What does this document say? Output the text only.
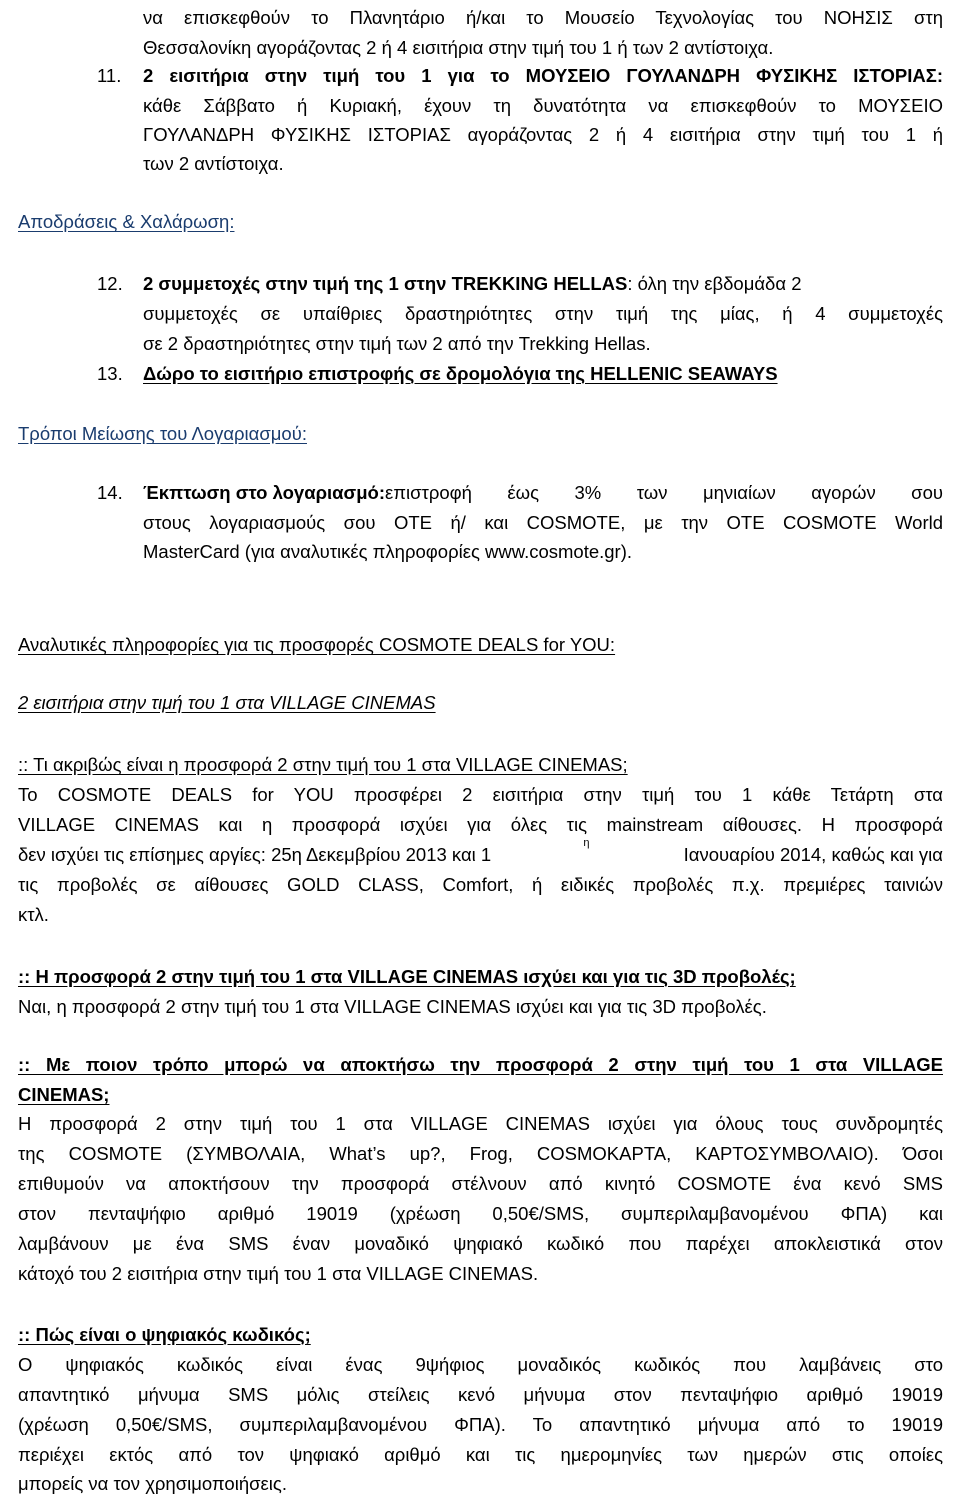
να επισκεφθούν το Πλανητάριο ή/και το Μουσείο Τεχνολογίας του ΝΟΗΣΙΣ στη
Θεσσαλονίκη αγοράζοντας 2 ή 4 εισιτήρια στην τιμή του 1 ή των 2 αντίστοιχα.
11. 2 εισιτήρια στην τιμή του 1 για το ΜΟΥΣΕΙΟ ΓΟΥΛΑΝΔΡΗ ΦΥΣΙΚΗΣ ΙΣΤΟΡΙΑΣ:
κάθε Σάββατο ή Κυριακή, έχουν τη δυνατότητα να επισκεφθούν το ΜΟΥΣΕΙΟ
ΓΟΥΛΑΝΔΡΗ ΦΥΣΙΚΗΣ ΙΣΤΟΡΙΑΣ αγοράζοντας 2 ή 4 εισιτήρια στην τιμή του 1 ή
των 2 αντίστοιχα.
Αποδράσεις & Χαλάρωση:
12. 2 συμμετοχές στην τιμή της 1 στην TREKKING HELLAS: όλη την εβδομάδα 2
συμμετοχές σε υπαίθριες δραστηριότητες στην τιμή της μίας, ή 4 συμμετοχές
σε 2 δραστηριότητες στην τιμή των 2 από την Trekking Hellas.
13. Δώρο το εισιτήριο επιστροφής σε δρομολόγια της HELLENIC SEAWAYS
Τρόποι Μείωσης του Λογαριασμού:
14. Έκπτωση στο λογαριασμό: επιστροφή έως 3% των μηνιαίων αγορών σου
στους λογαριασμούς σου ΟΤΕ ή/ και COSMOTE, με την ΟΤΕ COSMOTE World
MasterCard (για αναλυτικές πληροφορίες www.cosmote.gr).
Αναλυτικές πληροφορίες για τις προσφορές COSMOTE DEALS for YOU:
2 εισιτήρια στην τιμή του 1 στα VILLAGE CINEMAS
:: Τι ακριβώς είναι η προσφορά 2 στην τιμή του 1 στα VILLAGE CINEMAS;
Το COSMOTE DEALS for YOU προσφέρει 2 εισιτήρια στην τιμή του 1 κάθε Τετάρτη στα
VILLAGE CINEMAS και η προσφορά ισχύει για όλες τις mainstream αίθουσες. Η προσφορά
δεν ισχύει τις επίσημες αργίες: 25η Δεκεμβρίου 2013 και 1
η
Ιανουαρίου 2014, καθώς και για
τις προβολές σε αίθουσες GOLD CLASS, Comfort, ή ειδικές προβολές π.χ. πρεμιέρες ταινιών
κτλ.
:: Η προσφορά 2 στην τιμή του 1 στα VILLAGE CINEMAS ισχύει και για τις 3D προβολές;
Ναι, η προσφορά 2 στην τιμή του 1 στα VILLAGE CINEMAS ισχύει και για τις 3D προβολές.
:: Με ποιον τρόπο μπορώ να αποκτήσω την προσφορά 2 στην τιμή του 1 στα VILLAGE
CINEMAS;
Η προσφορά 2 στην τιμή του 1 στα VILLAGE CINEMAS ισχύει για όλους τους συνδρομητές
της COSMOTE (ΣΥΜΒΟΛΑΙΑ, What’s up?, Frog, COSMOKAΡΤΑ, ΚΑΡΤΟΣΥΜΒΟΛΑΙΟ). Όσοι
επιθυμούν να αποκτήσουν την προσφορά στέλνουν από κινητό COSMOTE ένα κενό SMS
στον πενταψήφιο αριθμό 19019 (χρέωση 0,50€/SMS, συμπεριλαμβανομένου ΦΠΑ) και
λαμβάνουν με ένα SMS έναν μοναδικό ψηφιακό κωδικό που παρέχει αποκλειστικά στον
κάτοχό του 2 εισιτήρια στην τιμή του 1 στα VILLAGE CINEMAS.
:: Πώς είναι ο ψηφιακός κωδικός;
Ο ψηφιακός κωδικός είναι ένας 9ψήφιος μοναδικός κωδικός που λαμβάνεις στο
απαντητικό μήνυμα SMS μόλις στείλεις κενό μήνυμα στον πενταψήφιο αριθμό 19019
(χρέωση 0,50€/SMS, συμπεριλαμβανομένου ΦΠΑ). Το απαντητικό μήνυμα από το 19019
περιέχει εκτός από τον ψηφιακό αριθμό και τις ημερομηνίες των ημερών στις οποίες
μπορείς να τον χρησιμοποιήσεις.
